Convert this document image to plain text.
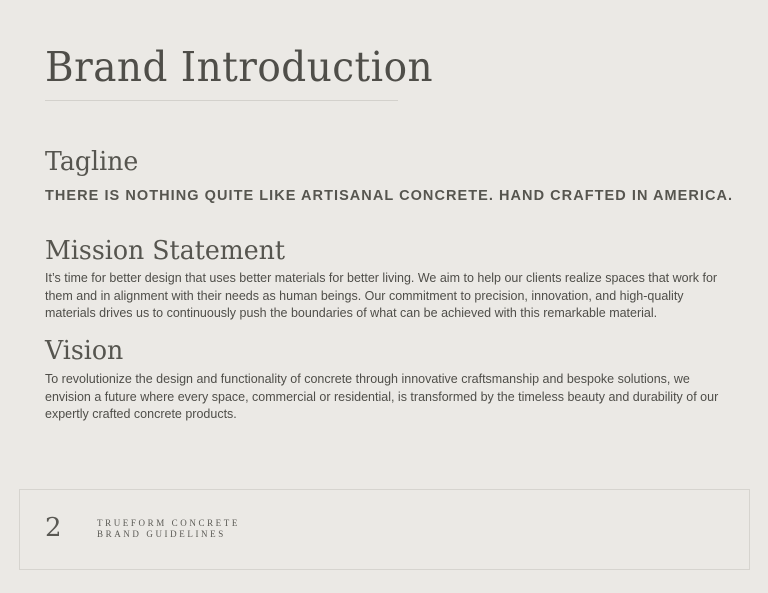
Brand Introduction
Tagline

THERE IS NOTHING QUITE LIKE ARTISANAL CONCRETE. HAND CRAFTED IN AMERICA.

Mission Statement

It’s time for better design that uses better materials for better living. We aim to help our clients realize spaces that work for them and in alignment with their needs as human beings. Our commitment to precision, innovation, and high-quality materials drives us to continuously push the boundaries of what can be achieved with this remarkable material.

Vision

To revolutionize the design and functionality of concrete through innovative craftsmanship and bespoke solutions, we envision a future where every space, commercial or residential, is transformed by the timeless beauty and durability of our expertly crafted concrete products.

2	TRUEFORM CONCRETE
BRAND GUIDELINES
